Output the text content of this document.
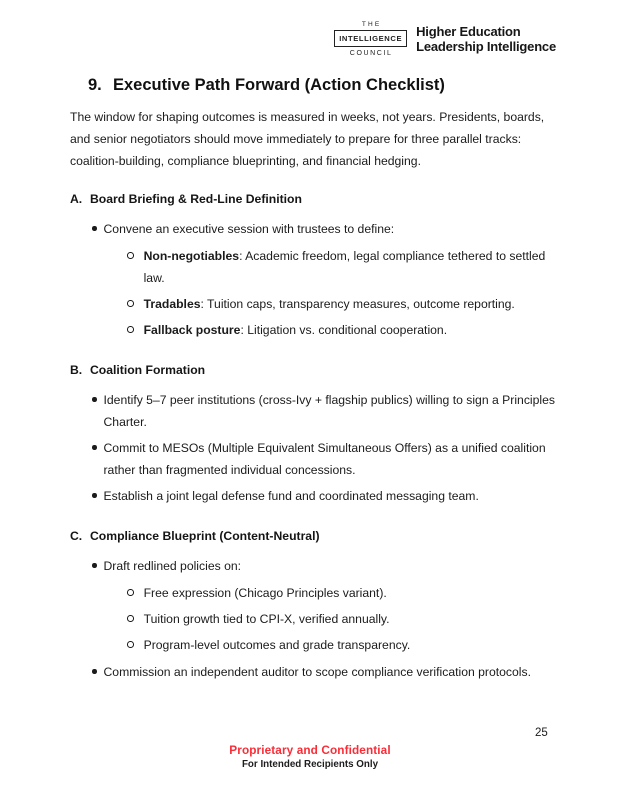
THE
INTELLIGENCE
COUNCIL
Higher Education
Leadership Intelligence
9. Executive Path Forward (Action Checklist)

The window for shaping outcomes is measured in weeks, not years. Presidents, boards, and senior negotiators should move immediately to prepare for three parallel tracks: coalition-building, compliance blueprinting, and financial hedging.

A. Board Briefing & Red-Line Definition
Convene an executive session with trustees to define:
Non-negotiables: Academic freedom, legal compliance tethered to settled law.
Tradables: Tuition caps, transparency measures, outcome reporting.
Fallback posture: Litigation vs. conditional cooperation.
B. Coalition Formation
Identify 5–7 peer institutions (cross-Ivy + flagship publics) willing to sign a Principles Charter.
Commit to MESOs (Multiple Equivalent Simultaneous Offers) as a unified coalition rather than fragmented individual concessions.
Establish a joint legal defense fund and coordinated messaging team.
C. Compliance Blueprint (Content-Neutral)
Draft redlined policies on:
Free expression (Chicago Principles variant).
Tuition growth tied to CPI-X, verified annually.
Program-level outcomes and grade transparency.
Commission an independent auditor to scope compliance verification protocols.
25
Proprietary and Confidential
For Intended Recipients Only
